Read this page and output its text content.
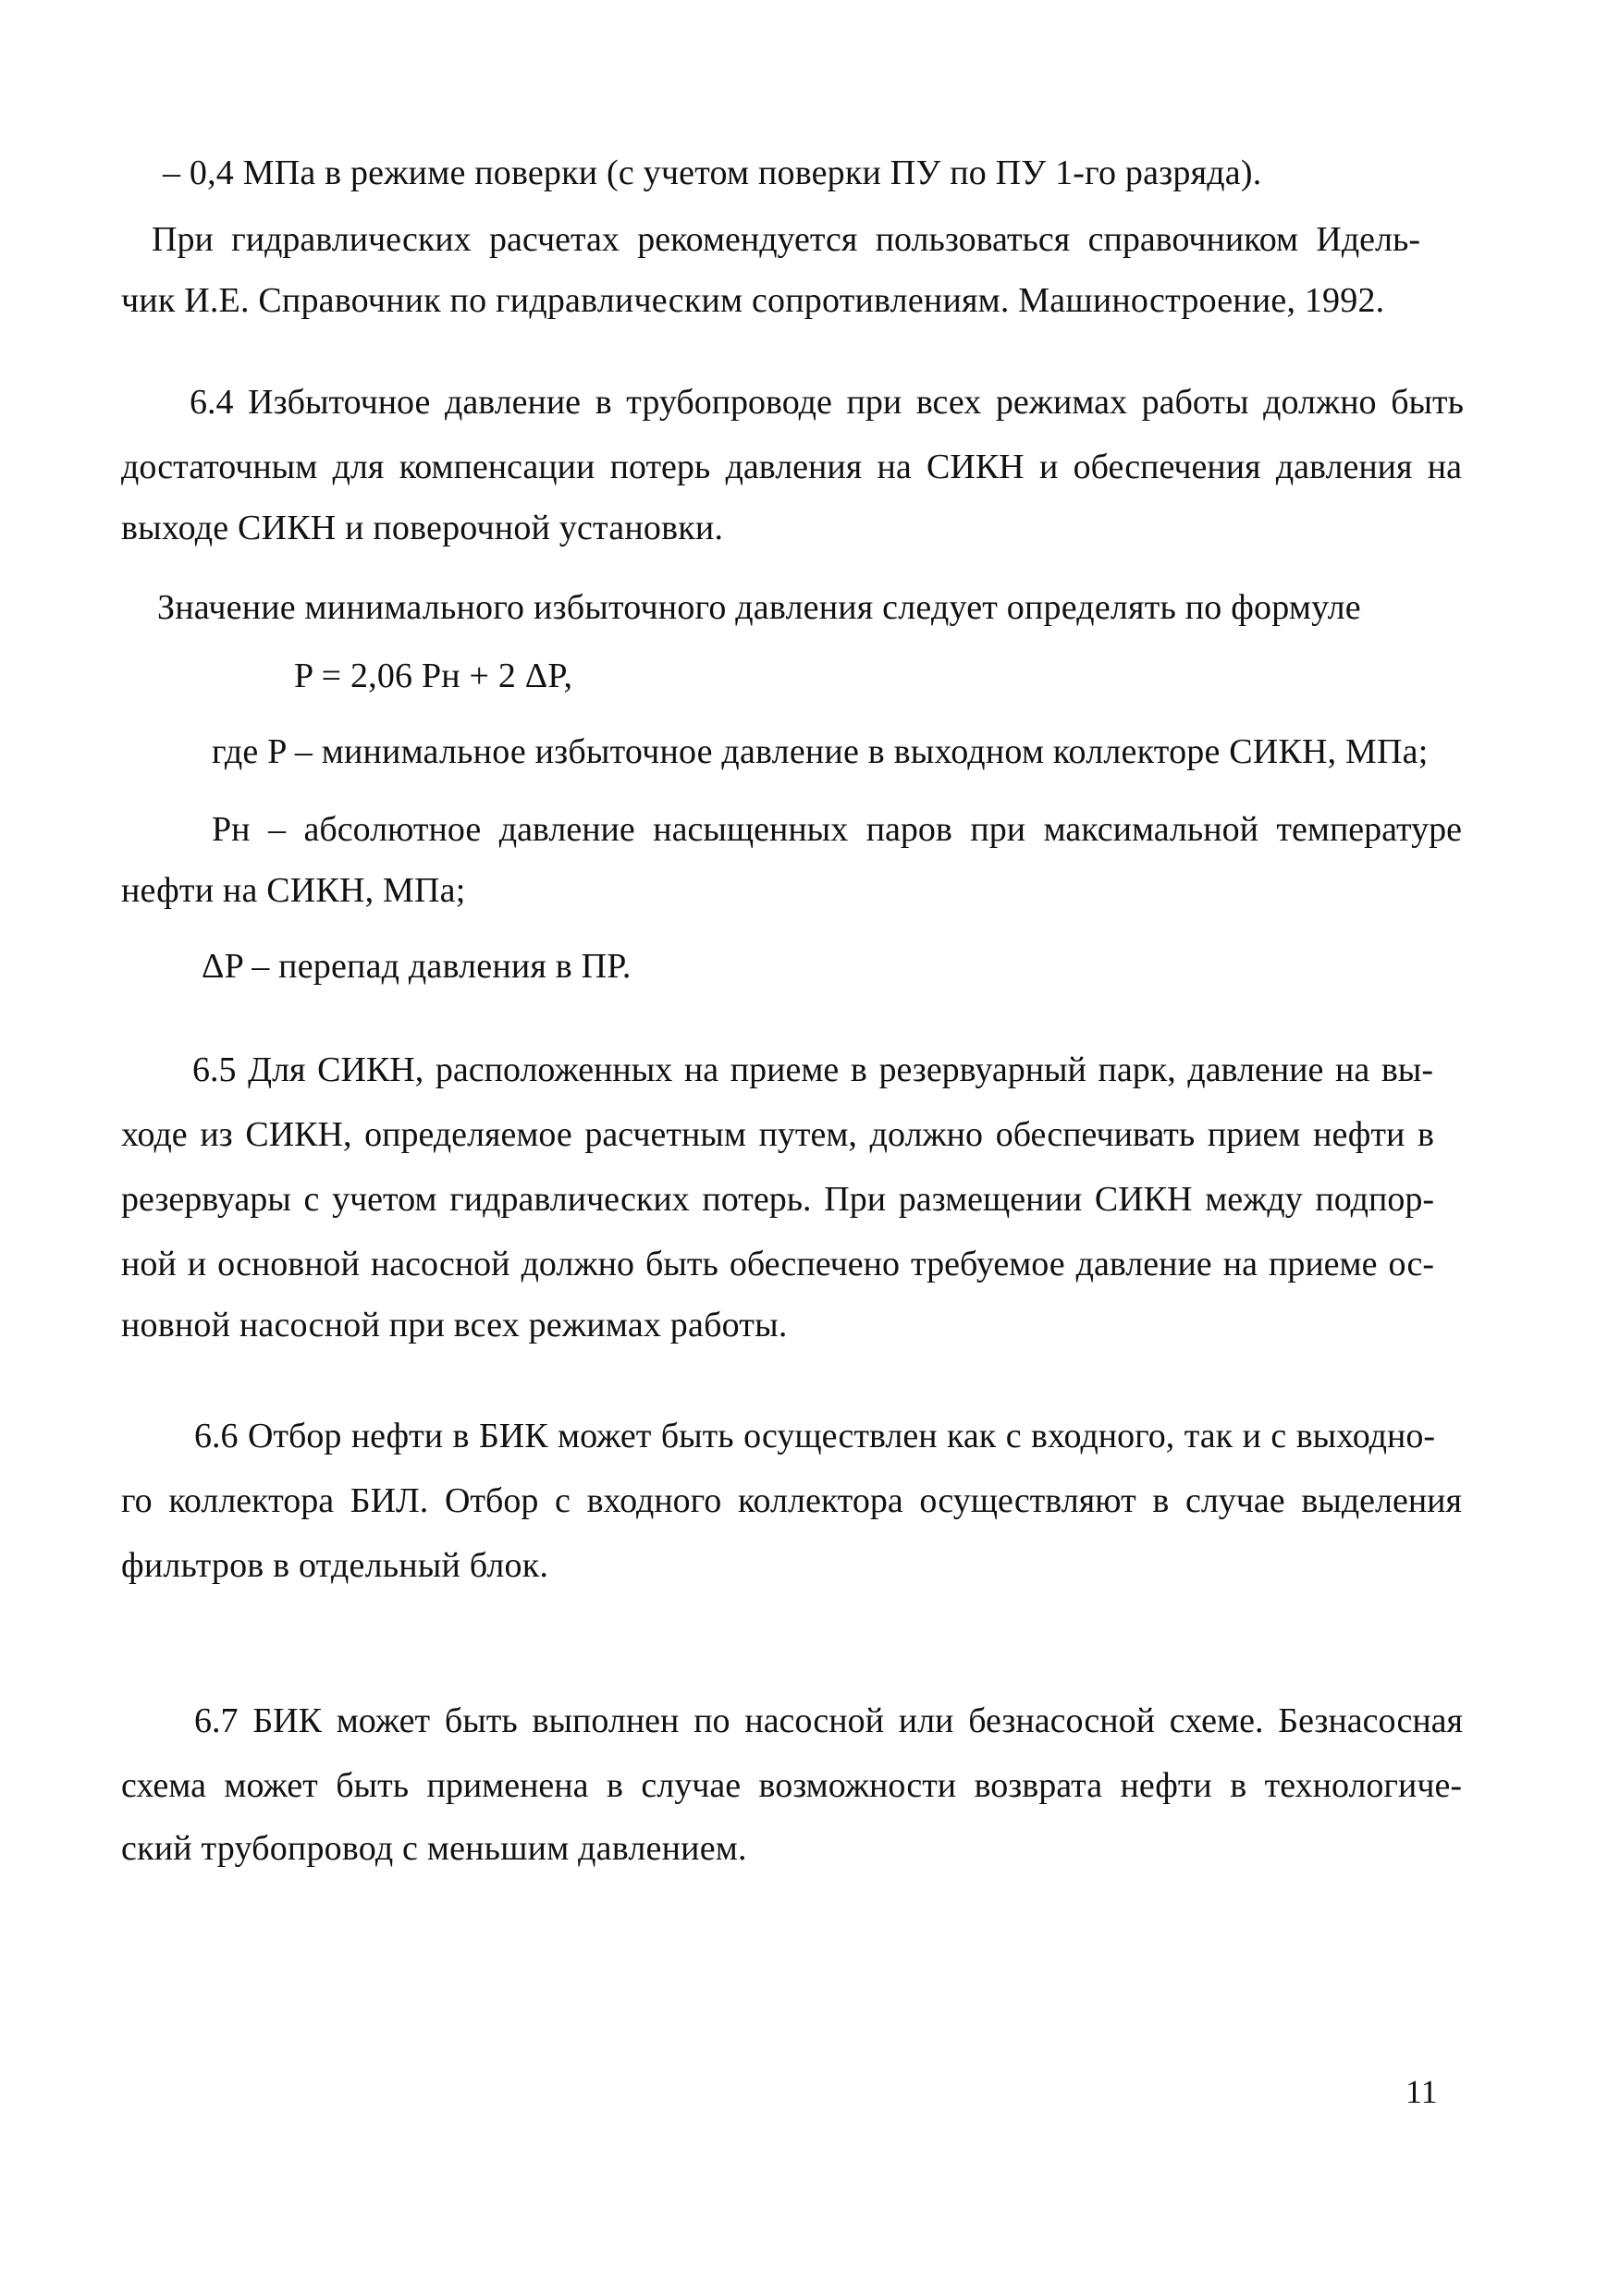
– 0,4 МПа в режиме поверки (с учетом поверки ПУ по ПУ 1-го разряда).
При гидравлических расчетах рекомендуется пользоваться справочником Идель-
чик И.Е. Справочник по гидравлическим сопротивлениям. Машиностроение, 1992.
6.4 Избыточное давление в трубопроводе при всех режимах работы должно быть
достаточным для компенсации потерь давления на СИКН и обеспечения давления на
выходе СИКН и поверочной установки.
Значение минимального избыточного давления следует определять по формуле
P = 2,06 Pн + 2 ΔP,
где P – минимальное избыточное давление в выходном коллекторе СИКН, МПа;
Pн – абсолютное давление насыщенных паров при максимальной температуре
нефти на СИКН, МПа;
ΔP – перепад давления в ПР.
6.5 Для СИКН, расположенных на приеме в резервуарный парк, давление на вы-
ходе из СИКН, определяемое расчетным путем, должно обеспечивать прием нефти в
резервуары с учетом гидравлических потерь. При размещении СИКН между подпор-
ной и основной насосной должно быть обеспечено требуемое давление на приеме ос-
новной насосной при всех режимах работы.
6.6 Отбор нефти в БИК может быть осуществлен как с входного, так и с выходно-
го коллектора БИЛ. Отбор с входного коллектора осуществляют в случае выделения
фильтров в отдельный блок.
6.7 БИК может быть выполнен по насосной или безнасосной схеме. Безнасосная
схема может быть применена в случае возможности возврата нефти в технологиче-
ский трубопровод с меньшим давлением.
11
